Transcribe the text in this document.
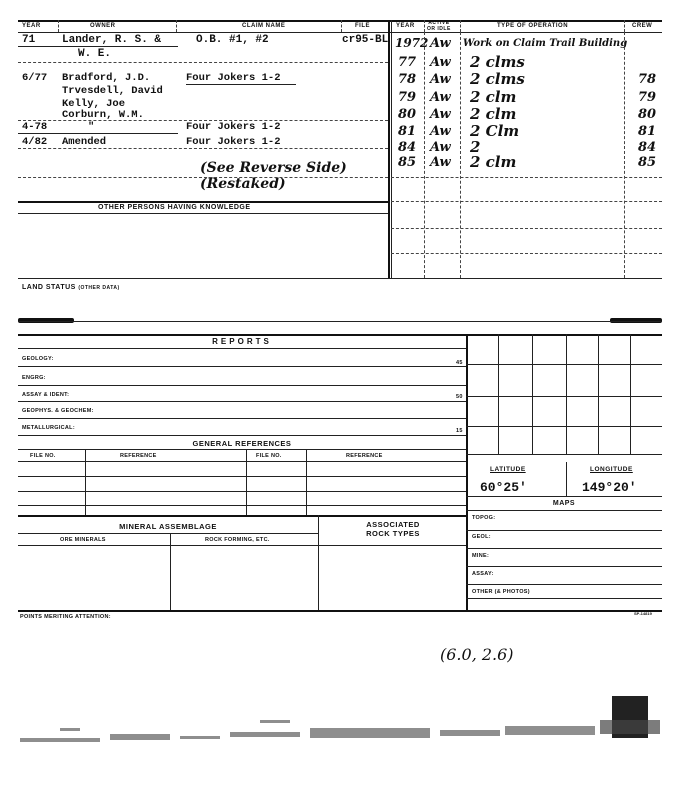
YEAR	OWNER	CLAIM NAME	FILE	YEAR	ACTIVE
OR IDLE	TYPE OF OPERATION	CREW
71 Lander, R. S. &	O.B. #1, #2	cr95-BL
W. E.
6/77 Bradford, J.D.	Four Jokers 1-2
Trvesdell, David
Kelly, Joe
Corburn, W.M.
4-78	"	Four Jokers 1-2
4/82 Amended	Four Jokers 1-2
(See Reverse Side)
(Restaked)
OTHER PERSONS HAVING KNOWLEDGE
1972 Aw Work on Claim Trail Building
77 Aw 2 clms
78 Aw 2 clms	78
79 Aw 2 clm	79
80 Aw 2 clm	80
81 Aw 2 Clm	81
84 Aw 2	84
85 Aw 2 clm	85
LAND STATUS (OTHER DATA)
REPORTS
GEOLOGY:
45
ENGRG:
ASSAY & IDENT:	50
GEOPHYS. & GEOCHEM:
METALLURGICAL:	15
GENERAL REFERENCES
FILE NO.	REFERENCE	FILE NO.	REFERENCE
LATITUDE	LONGITUDE
60°25'	149°20'
MAPS
TOPOG:
GEOL:
MINE:
ASSAY:
OTHER (& PHOTOS)
MINERAL ASSEMBLAGE	ASSOCIATED
ROCK TYPES
ORE MINERALS	ROCK FORMING, ETC.
POINTS MERITING ATTENTION:
SP-14819
(6.0, 2.6)
